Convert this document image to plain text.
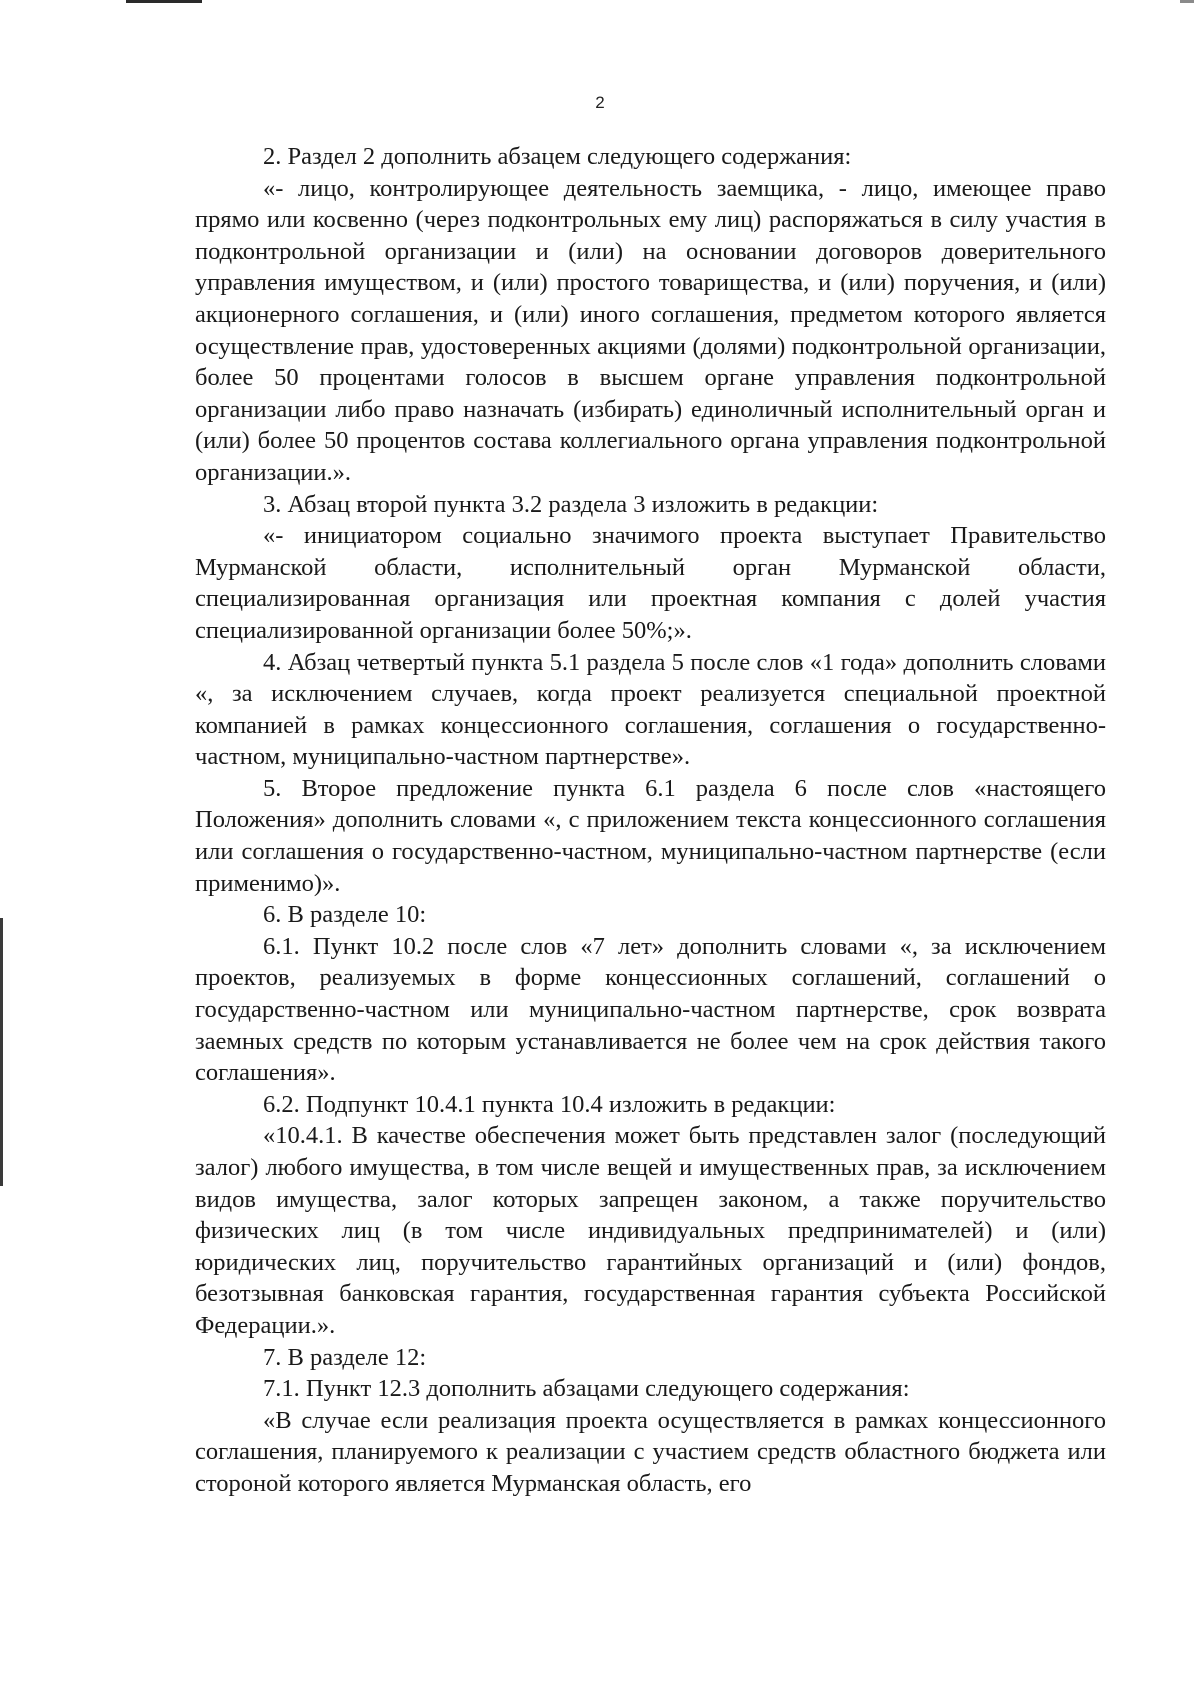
2

2. Раздел 2 дополнить абзацем следующего содержания:

«- лицо, контролирующее деятельность заемщика, - лицо, имеющее право прямо или косвенно (через подконтрольных ему лиц) распоряжаться в силу участия в подконтрольной организации и (или) на основании договоров доверительного управления имуществом, и (или) простого товарищества, и (или) поручения, и (или) акционерного соглашения, и (или) иного соглашения, предметом которого является осуществление прав, удостоверенных акциями (долями) подконтрольной организации, более 50 процентами голосов в высшем органе управления подконтрольной организации либо право назначать (избирать) единоличный исполнительный орган и (или) более 50 процентов состава коллегиального органа управления подконтрольной организации.».

3. Абзац второй пункта 3.2 раздела 3 изложить в редакции:

«- инициатором социально значимого проекта выступает Правительство Мурманской области, исполнительный орган Мурманской области, специализированная организация или проектная компания с долей участия специализированной организации более 50%;».

4. Абзац четвертый пункта 5.1 раздела 5 после слов «1 года» дополнить словами «, за исключением случаев, когда проект реализуется специальной проектной компанией в рамках концессионного соглашения, соглашения о государственно-частном, муниципально-частном партнерстве».

5. Второе предложение пункта 6.1 раздела 6 после слов «настоящего Положения» дополнить словами «, с приложением текста концессионного соглашения или соглашения о государственно-частном, муниципально-частном партнерстве (если применимо)».

6. В разделе 10:

6.1. Пункт 10.2 после слов «7 лет» дополнить словами «, за исключением проектов, реализуемых в форме концессионных соглашений, соглашений о государственно-частном или муниципально-частном партнерстве, срок возврата заемных средств по которым устанавливается не более чем на срок действия такого соглашения».

6.2. Подпункт 10.4.1 пункта 10.4 изложить в редакции:

«10.4.1. В качестве обеспечения может быть представлен залог (последующий залог) любого имущества, в том числе вещей и имущественных прав, за исключением видов имущества, залог которых запрещен законом, а также поручительство физических лиц (в том числе индивидуальных предпринимателей) и (или) юридических лиц, поручительство гарантийных организаций и (или) фондов, безотзывная банковская гарантия, государственная гарантия субъекта Российской Федерации.».

7. В разделе 12:

7.1. Пункт 12.3 дополнить абзацами следующего содержания:

«В случае если реализация проекта осуществляется в рамках концессионного соглашения, планируемого к реализации с участием средств областного бюджета или стороной которого является Мурманская область, его
